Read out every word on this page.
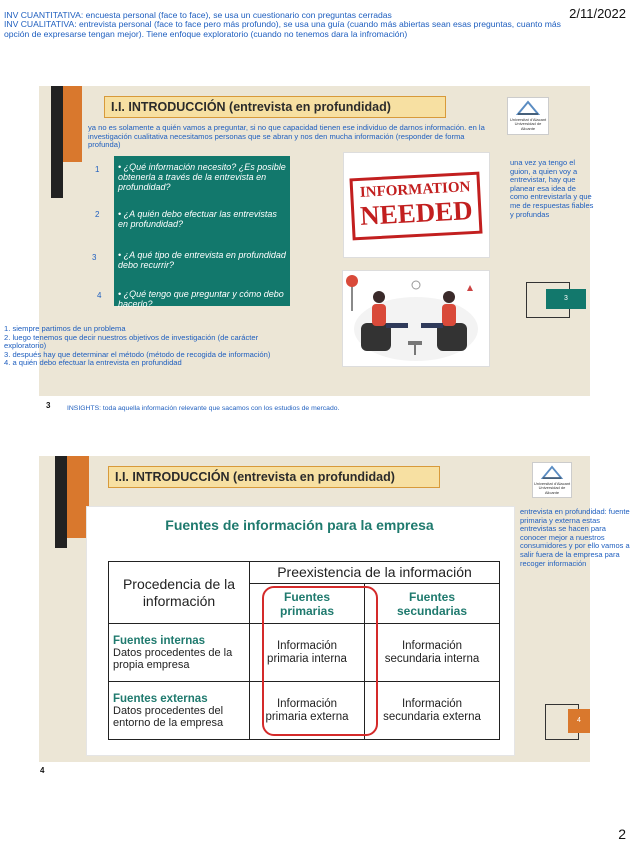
INV CUANTITATIVA: encuesta personal (face to face), se usa un cuestionario con preguntas cerradas
INV CUALITATIVA: entrevista personal (face to face pero más profundo), se usa una guía (cuando más abiertas sean esas preguntas, cuanto más opción de expresarse tengan mejor). Tiene enfoque exploratorio (cuando no tenemos dara la infromación)
2/11/2022
I.I. INTRODUCCIÓN (entrevista en profundidad)
Universitat d'Alacant Universidad de Alicante
ya no es solamente a quién vamos a preguntar, si no que capacidad tienen ese individuo de darnos información. en la investigación cualitativa necesitamos personas que se abran y nos den mucha información (responder de forma profunda)
1 • ¿Qué información necesito? ¿Es posible obtenerla a través de la entrevista en profundidad?
2 • ¿A quién debo efectuar las entrevistas en profundidad?
3 • ¿A qué tipo de entrevista en profundidad debo recurrir?
4 • ¿Qué tengo que preguntar y cómo debo hacerlo?
INFORMATION
NEEDED
una vez ya tengo el guion, a quien voy a entrevistar, hay que planear esa idea de como entrevistarla y que me de respuestas fiables y profundas
3
1. siempre partimos de un problema
2. luego tenemos que decir nuestros objetivos de investigación (de carácter exploratorio)
3. después hay que determinar el método (método de recogida de información)
4. a quién debo efectuar la entrevista en profundidad
3 INSIGHTS: toda aquella información relevante que sacamos con los estudios de mercado.
I.I. INTRODUCCIÓN (entrevista en profundidad)	Universitat d'Alacant Universidad de Alicante
Fuentes de información para la empresa
Procedencia de la información	Preexistencia de la información	

	Fuentes primarias	Fuentes secundarias

Fuentes internas
Datos procedentes de la propia empresa	Información primaria interna	Información secundaria interna

Fuentes externas
Datos procedentes del entorno de la empresa	Información primaria externa	Información secundaria externa
entrevista en profundidad: fuente primaria y externa estas entrevistas se hacen para conocer mejor a nuestros consumidores y por ello vamos a salir fuera de la empresa para recoger información
4
4
2
